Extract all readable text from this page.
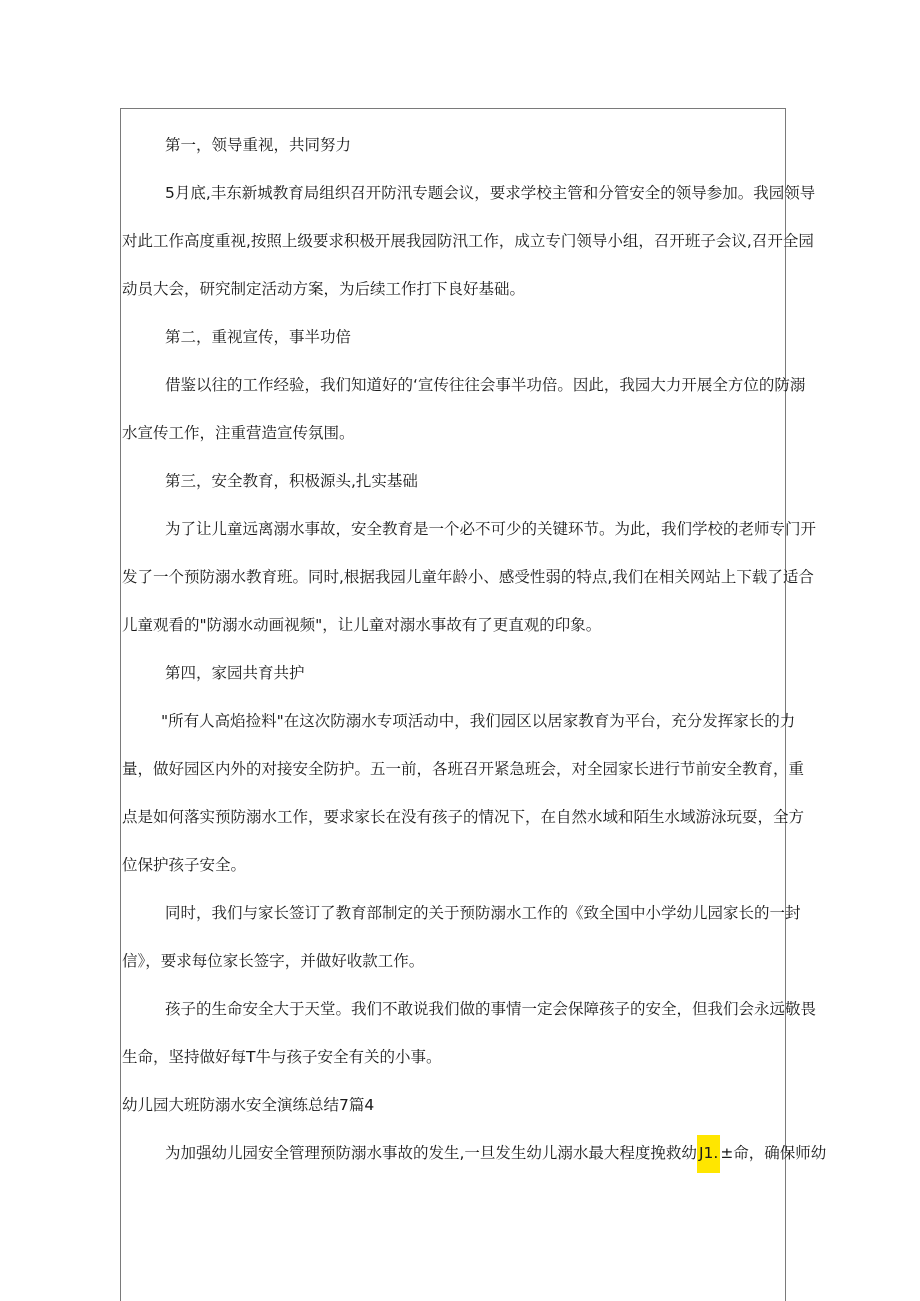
第一，领导重视，共同努力
5月底,丰东新城教育局组织召开防汛专题会议，要求学校主管和分管安全的领导参加。我园领导
对此工作高度重视,按照上级要求积极开展我园防汛工作，成立专门领导小组，召开班子会议,召开全园
动员大会，研究制定活动方案，为后续工作打下良好基础。
第二，重视宣传，事半功倍
借鉴以往的工作经验，我们知道好的‘宣传往往会事半功倍。因此，我园大力开展全方位的防溺
水宣传工作，注重营造宣传氛围。
第三，安全教育，积极源头,扎实基础
为了让儿童远离溺水事故，安全教育是一个必不可少的关键环节。为此，我们学校的老师专门开
发了一个预防溺水教育班。同时,根据我园儿童年龄小、感受性弱的特点,我们在相关网站上下载了适合
儿童观看的"防溺水动画视频"，让儿童对溺水事故有了更直观的印象。
第四，家园共育共护
"所有人高焰捡料"在这次防溺水专项活动中，我们园区以居家教育为平台，充分发挥家长的力
量，做好园区内外的对接安全防护。五一前，各班召开紧急班会，对全园家长进行节前安全教育，重
点是如何落实预防溺水工作，要求家长在没有孩子的情况下，在自然水域和陌生水域游泳玩耍，全方
位保护孩子安全。
同时，我们与家长签订了教育部制定的关于预防溺水工作的《致全国中小学幼儿园家长的一封
信》，要求每位家长签字，并做好收款工作。
孩子的生命安全大于天堂。我们不敢说我们做的事情一定会保障孩子的安全，但我们会永远敬畏
生命，坚持做好每T牛与孩子安全有关的小事。
幼儿园大班防溺水安全演练总结7篇4
为加强幼儿园安全管理预防溺水事故的发生,一旦发生幼儿溺水最大程度挽救幼 J1. ±命，确保师幼
